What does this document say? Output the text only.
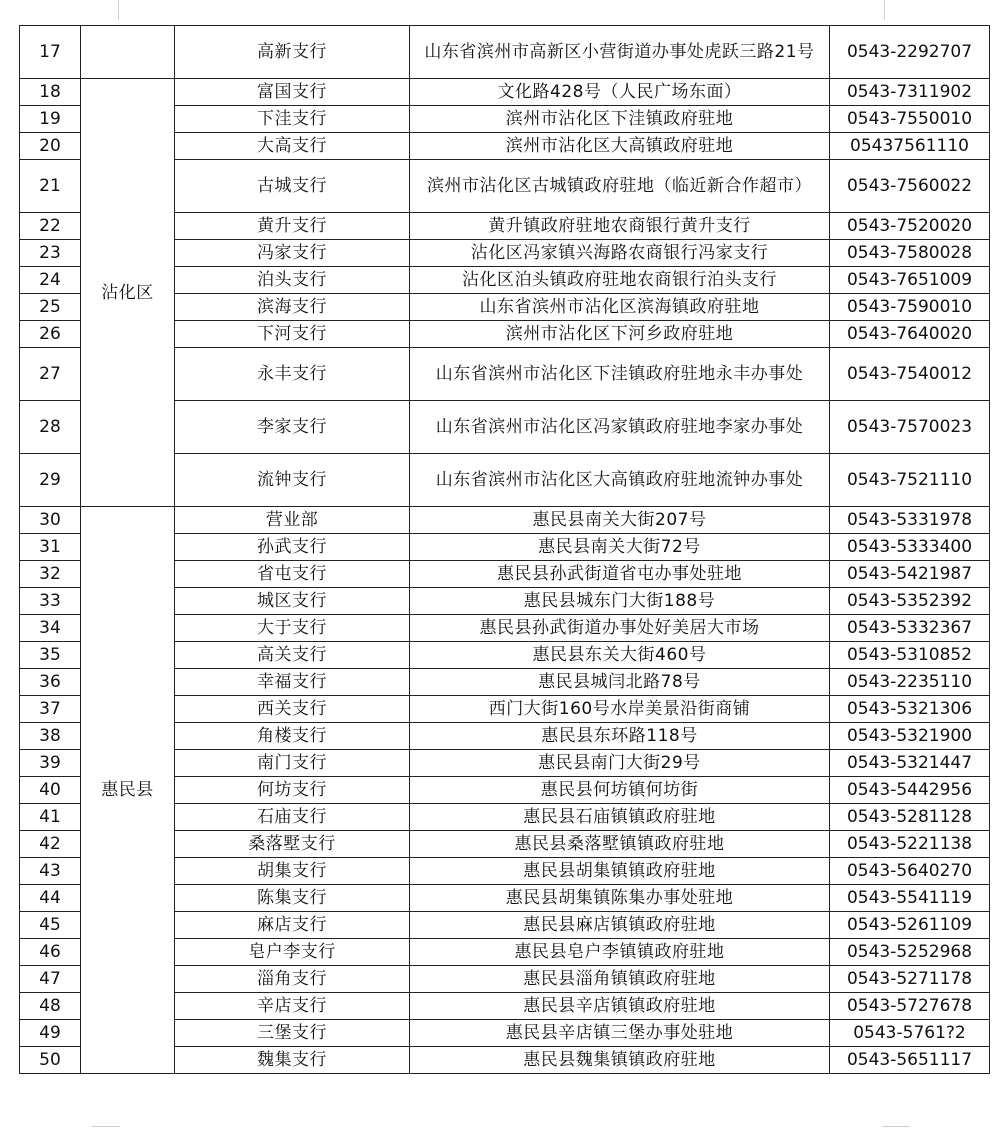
17		高新支行	山东省滨州市高新区小营街道办事处虎跃三路21号	0543-2292707
18	沾化区	富国支行	文化路428号（人民广场东面）	0543-7311902
19		下洼支行	滨州市沾化区下洼镇政府驻地	0543-7550010
20		大高支行	滨州市沾化区大高镇政府驻地	05437561110
21		古城支行	滨州市沾化区古城镇政府驻地（临近新合作超市）	0543-7560022
22		黄升支行	黄升镇政府驻地农商银行黄升支行	0543-7520020
23		冯家支行	沾化区冯家镇兴海路农商银行冯家支行	0543-7580028
24		泊头支行	沾化区泊头镇政府驻地农商银行泊头支行	0543-7651009
25		滨海支行	山东省滨州市沾化区滨海镇政府驻地	0543-7590010
26		下河支行	滨州市沾化区下河乡政府驻地	0543-7640020
27		永丰支行	山东省滨州市沾化区下洼镇政府驻地永丰办事处	0543-7540012
28		李家支行	山东省滨州市沾化区冯家镇政府驻地李家办事处	0543-7570023
29		流钟支行	山东省滨州市沾化区大高镇政府驻地流钟办事处	0543-7521110
30	惠民县	营业部	惠民县南关大街207号	0543-5331978
31		孙武支行	惠民县南关大街72号	0543-5333400
32		省屯支行	惠民县孙武街道省屯办事处驻地	0543-5421987
33		城区支行	惠民县城东门大街188号	0543-5352392
34		大于支行	惠民县孙武街道办事处好美居大市场	0543-5332367
35		高关支行	惠民县东关大街460号	0543-5310852
36		幸福支行	惠民县城闫北路78号	0543-2235110
37		西关支行	西门大街160号水岸美景沿街商铺	0543-5321306
38		角楼支行	惠民县东环路118号	0543-5321900
39		南门支行	惠民县南门大街29号	0543-5321447
40		何坊支行	惠民县何坊镇何坊街	0543-5442956
41		石庙支行	惠民县石庙镇镇政府驻地	0543-5281128
42		桑落墅支行	惠民县桑落墅镇镇政府驻地	0543-5221138
43		胡集支行	惠民县胡集镇镇政府驻地	0543-5640270
44		陈集支行	惠民县胡集镇陈集办事处驻地	0543-5541119
45		麻店支行	惠民县麻店镇镇政府驻地	0543-5261109
46		皂户李支行	惠民县皂户李镇镇政府驻地	0543-5252968
47		淄角支行	惠民县淄角镇镇政府驻地	0543-5271178
48		辛店支行	惠民县辛店镇镇政府驻地	0543-5727678
49		三堡支行	惠民县辛店镇三堡办事处驻地	0543-5761?2
50		魏集支行	惠民县魏集镇镇政府驻地	0543-5651117
